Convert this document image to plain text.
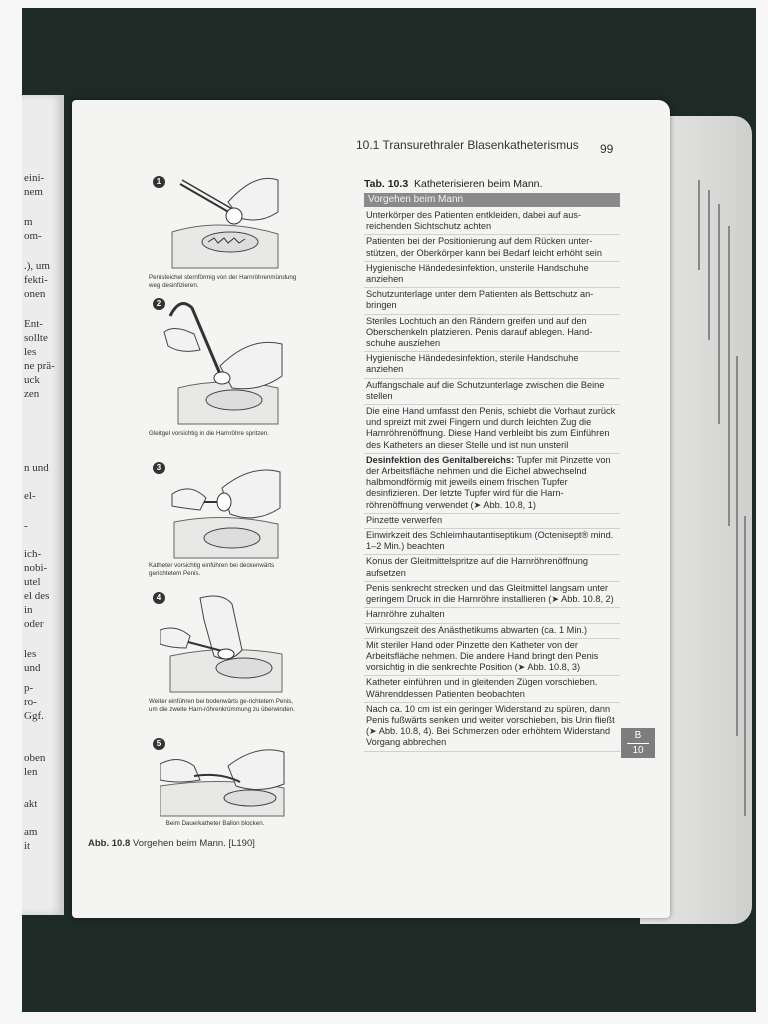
eini-
nem
m
om-
.), um
fekti-
onen
Ent-
sollte
les
ne prä-
uck
zen
n und
el-
-
ich-
nobi-
utel
el des
in
oder
les
und
p-
ro-
Ggf.
oben
len
akt
am
it
10.1 Transurethraler Blasenkatheterismus 99
1
Penisteichel sternförmig von der Harnröhrenmündung weg desinfizieren.
2
Gleitgel vorsichtig in die Harnröhre spritzen.
3
Katheter vorsichtig einführen bei deckenwärts gerichtetem Penis.
4
Weiter einführen bei bodenwärts ge-richtetem Penis, um die zweite Harn-röhrenkrümmung zu überwinden.
5
Beim Dauerkatheter Ballon blocken.
Abb. 10.8 Vorgehen beim Mann. [L190]
Tab. 10.3 Katheterisieren beim Mann.
Vorgehen beim Mann
Unterkörper des Patienten entkleiden, dabei auf aus-reichenden Sichtschutz achten
Patienten bei der Positionierung auf dem Rücken unter-stützen, der Oberkörper kann bei Bedarf leicht erhöht sein
Hygienische Händedesinfektion, unsterile Handschuhe anziehen
Schutzunterlage unter dem Patienten als Bettschutz an-bringen
Steriles Lochtuch an den Rändern greifen und auf den Oberschenkeln platzieren. Penis darauf ablegen. Hand-schuhe ausziehen
Hygienische Händedesinfektion, sterile Handschuhe anziehen
Auffangschale auf die Schutzunterlage zwischen die Beine stellen
Die eine Hand umfasst den Penis, schiebt die Vorhaut zurück und spreizt mit zwei Fingern und durch leichten Zug die Harnröhrenöffnung. Diese Hand verbleibt bis zum Einführen des Katheters an dieser Stelle und ist nun unsteril
Desinfektion des Genitalbereichs: Tupfer mit Pinzette von der Arbeitsfläche nehmen und die Eichel abwechselnd halbmondförmig mit jeweils einem frischen Tupfer desinfizieren. Der letzte Tupfer wird für die Harn-röhrenöffnung verwendet (➤ Abb. 10.8, 1)
Pinzette verwerfen
Einwirkzeit des Schleimhautantiseptikum (Octenisept® mind. 1–2 Min.) beachten
Konus der Gleitmittelspritze auf die Harnröhrenöffnung aufsetzen
Penis senkrecht strecken und das Gleitmittel langsam unter geringem Druck in die Harnröhre installieren (➤ Abb. 10.8, 2)
Harnröhre zuhalten
Wirkungszeit des Anästhetikums abwarten (ca. 1 Min.)
Mit steriler Hand oder Pinzette den Katheter von der Arbeitsfläche nehmen. Die andere Hand bringt den Penis vorsichtig in die senkrechte Position (➤ Abb. 10.8, 3)
Katheter einführen und in gleitenden Zügen vorschieben. Währenddessen Patienten beobachten
Nach ca. 10 cm ist ein geringer Widerstand zu spüren, dann Penis fußwärts senken und weiter vorschieben, bis Urin fließt (➤ Abb. 10.8, 4). Bei Schmerzen oder erhöhtem Widerstand Vorgang abbrechen
B
10
